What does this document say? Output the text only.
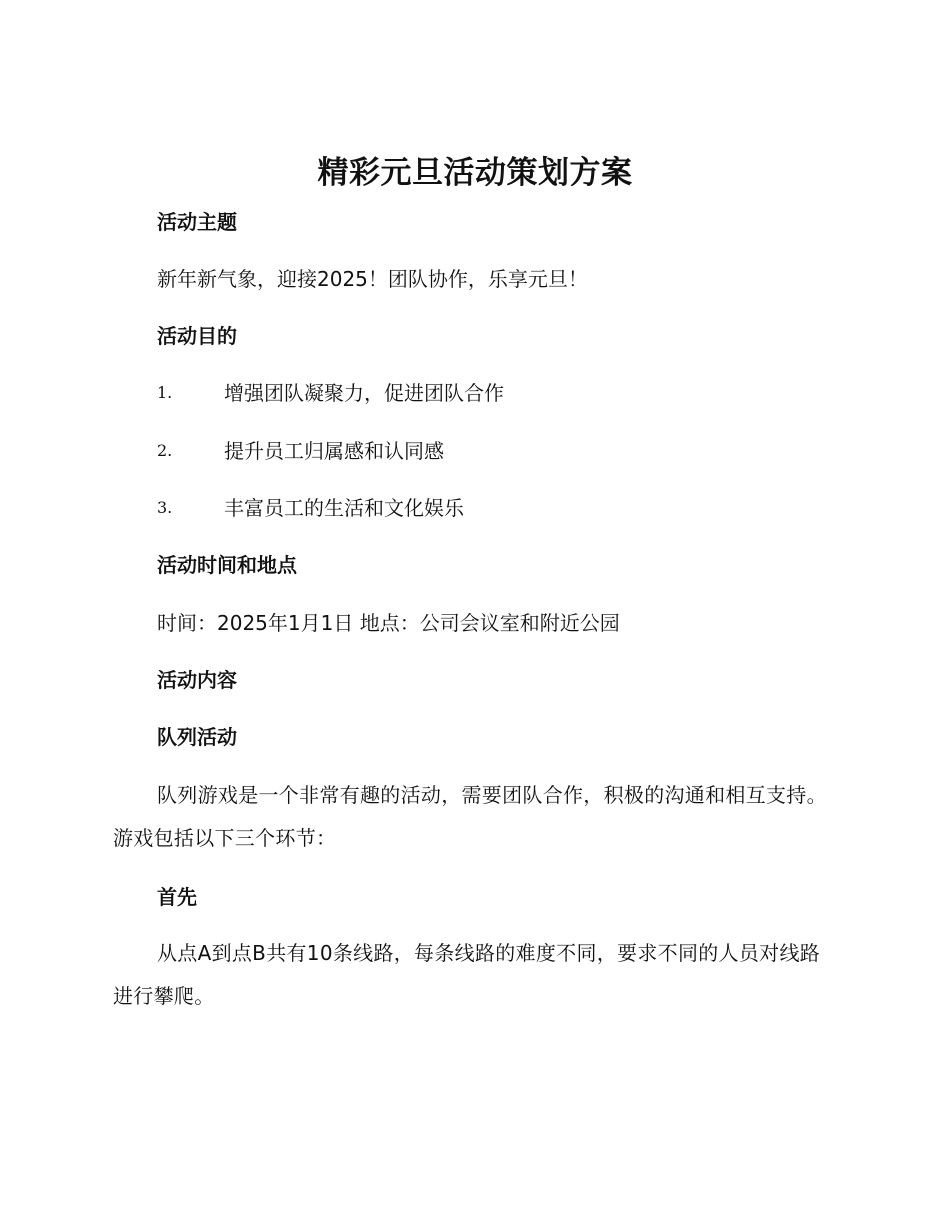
精彩元旦活动策划方案
活动主题
新年新气象，迎接2025！团队协作，乐享元旦！
活动目的
1.	增强团队凝聚力，促进团队合作
2.	提升员工归属感和认同感
3.	丰富员工的生活和文化娱乐
活动时间和地点
时间：2025年1月1日 地点：公司会议室和附近公园
活动内容
队列活动
队列游戏是一个非常有趣的活动，需要团队合作，积极的沟通和相互支持。游戏包括以下三个环节：
首先
从点A到点B共有10条线路，每条线路的难度不同，要求不同的人员对线路进行攀爬。
